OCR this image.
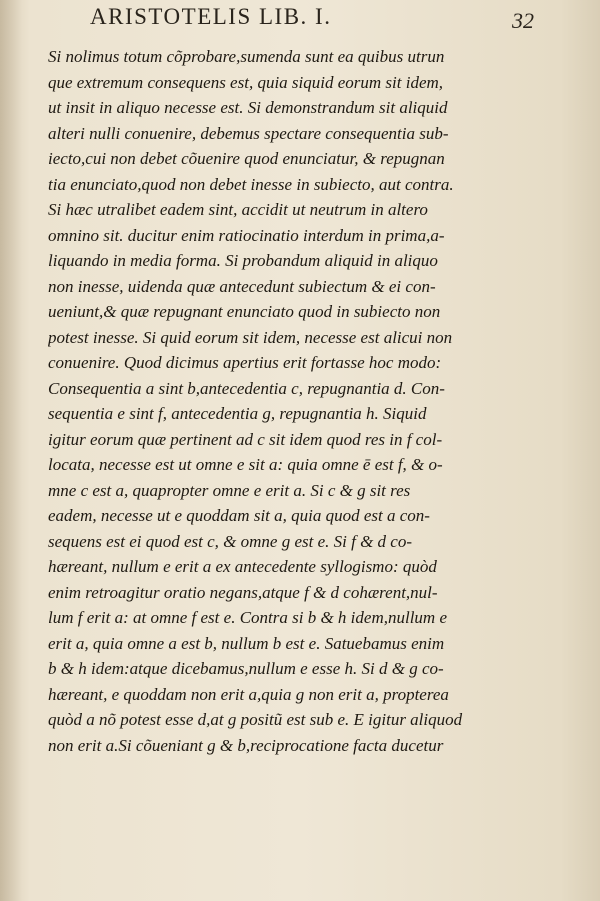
ARISTOTELIS LIB. I.	32
Si nolimus totum cõprobare,sumenda sunt ea quibus utrun
que extremum consequens est, quia siquid eorum sit idem,
ut insit in aliquo necesse est. Si demonstrandum sit aliquid
alteri nulli conuenire, debemus spectare consequentia sub-
iecto,cui non debet cõuenire quod enunciatur, & repugnan
tia enunciato,quod non debet inesse in subiecto, aut contra.
Si hæc utralibet eadem sint, accidit ut neutrum in altero
omnino sit. ducitur enim ratiocinatio interdum in prima,a-
liquando in media forma. Si probandum aliquid in aliquo
non inesse, uidenda quæ antecedunt subiectum & ei con-
ueniunt,& quæ repugnant enunciato quod in subiecto non
potest inesse. Si quid eorum sit idem, necesse est alicui non
conuenire. Quod dicimus apertius erit fortasse hoc modo:
Consequentia a sint b,antecedentia c, repugnantia d. Con-
sequentia e sint f, antecedentia g, repugnantia h. Siquid
igitur eorum quæ pertinent ad c sit idem quod res in f col-
locata, necesse est ut omne e sit a: quia omne ē est f, & o-
mne c est a, quapropter omne e erit a. Si c & g sit res
eadem, necesse ut e quoddam sit a, quia quod est a con-
sequens est ei quod est c, & omne g est e. Si f & d co-
hæreant, nullum e erit a ex antecedente syllogismo: quòd
enim retroagitur oratio negans,atque f & d cohærent,nul-
lum f erit a: at omne f est e. Contra si b & h idem,nullum e
erit a, quia omne a est b, nullum b est e. Satuebamus enim
b & h idem:atque dicebamus,nullum e esse h. Si d & g co-
hæreant, e quoddam non erit a,quia g non erit a, propterea
quòd a nõ potest esse d,at g positũ est sub e. E igitur aliquod
non erit a.Si cõueniant g & b,reciprocatione facta ducetur
